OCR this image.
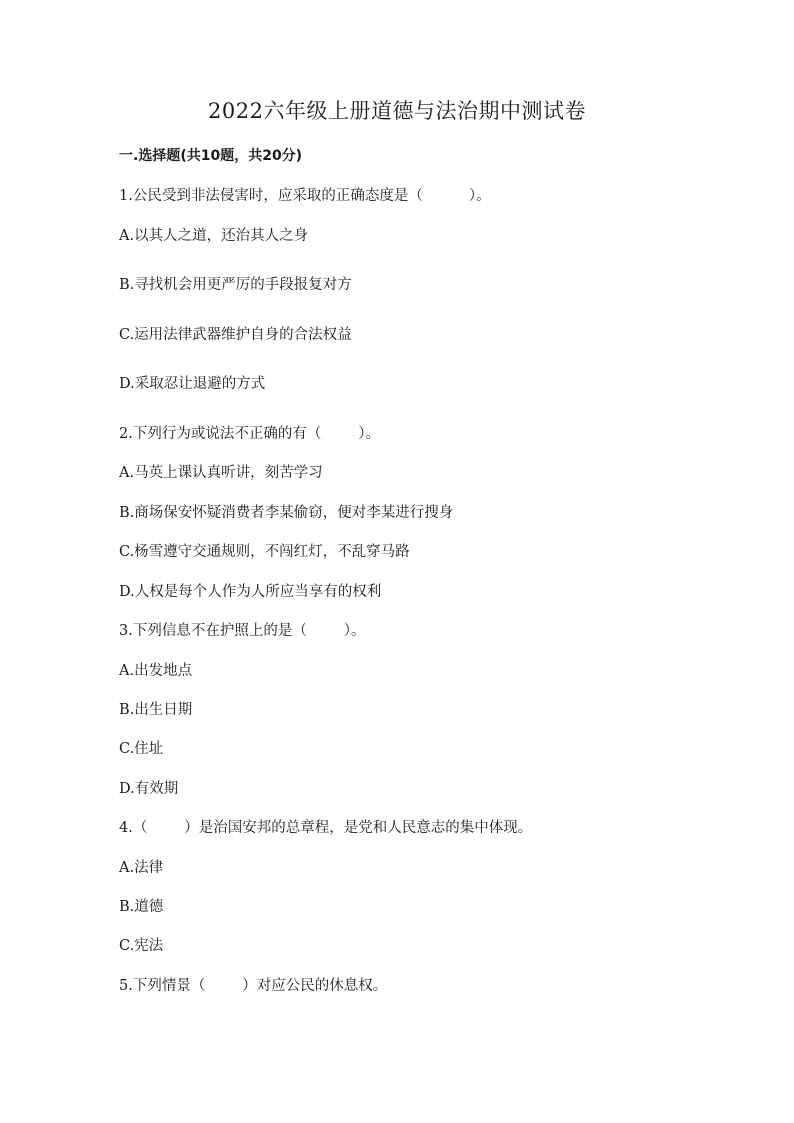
2022六年级上册道德与法治期中测试卷
一.选择题(共10题，共20分)
1.公民受到非法侵害时，应采取的正确态度是（          ）。
A.以其人之道，还治其人之身
B.寻找机会用更严厉的手段报复对方
C.运用法律武器维护自身的合法权益
D.采取忍让退避的方式
2.下列行为或说法不正确的有（        ）。
A.马英上课认真听讲，刻苦学习
B.商场保安怀疑消费者李某偷窃，便对李某进行搜身
C.杨雪遵守交通规则，不闯红灯，不乱穿马路
D.人权是每个人作为人所应当享有的权利
3.下列信息不在护照上的是（        ）。
A.出发地点
B.出生日期
C.住址
D.有效期
4.（        ）是治国安邦的总章程，是党和人民意志的集中体现。
A.法律
B.道德
C.宪法
5.下列情景（        ）对应公民的休息权。
